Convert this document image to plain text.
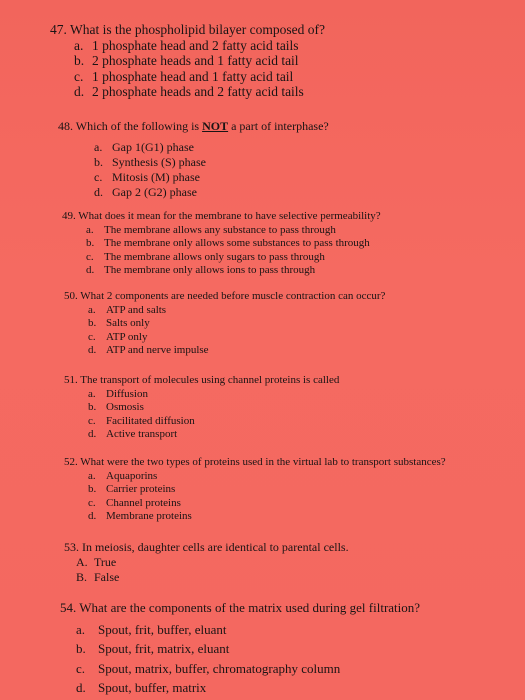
47. What is the phospholipid bilayer composed of?
a. 1 phosphate head and 2 fatty acid tails
b. 2 phosphate heads and 1 fatty acid tail
c. 1 phosphate head and 1 fatty acid tail
d. 2 phosphate heads and 2 fatty acid tails
48. Which of the following is NOT a part of interphase?
a. Gap 1(G1) phase
b. Synthesis (S) phase
c. Mitosis (M) phase
d. Gap 2 (G2) phase
49. What does it mean for the membrane to have selective permeability?
a. The membrane allows any substance to pass through
b. The membrane only allows some substances to pass through
c. The membrane allows only sugars to pass through
d. The membrane only allows ions to pass through
50. What 2 components are needed before muscle contraction can occur?
a. ATP and salts
b. Salts only
c. ATP only
d. ATP and nerve impulse
51. The transport of molecules using channel proteins is called
a. Diffusion
b. Osmosis
c. Facilitated diffusion
d. Active transport
52. What were the two types of proteins used in the virtual lab to transport substances?
a. Aquaporins
b. Carrier proteins
c. Channel proteins
d. Membrane proteins
53. In meiosis, daughter cells are identical to parental cells.
A. True
B. False
54. What are the components of the matrix used during gel filtration?
a. Spout, frit, buffer, eluant
b. Spout, frit, matrix, eluant
c. Spout, matrix, buffer, chromatography column
d. Spout, buffer, matrix
